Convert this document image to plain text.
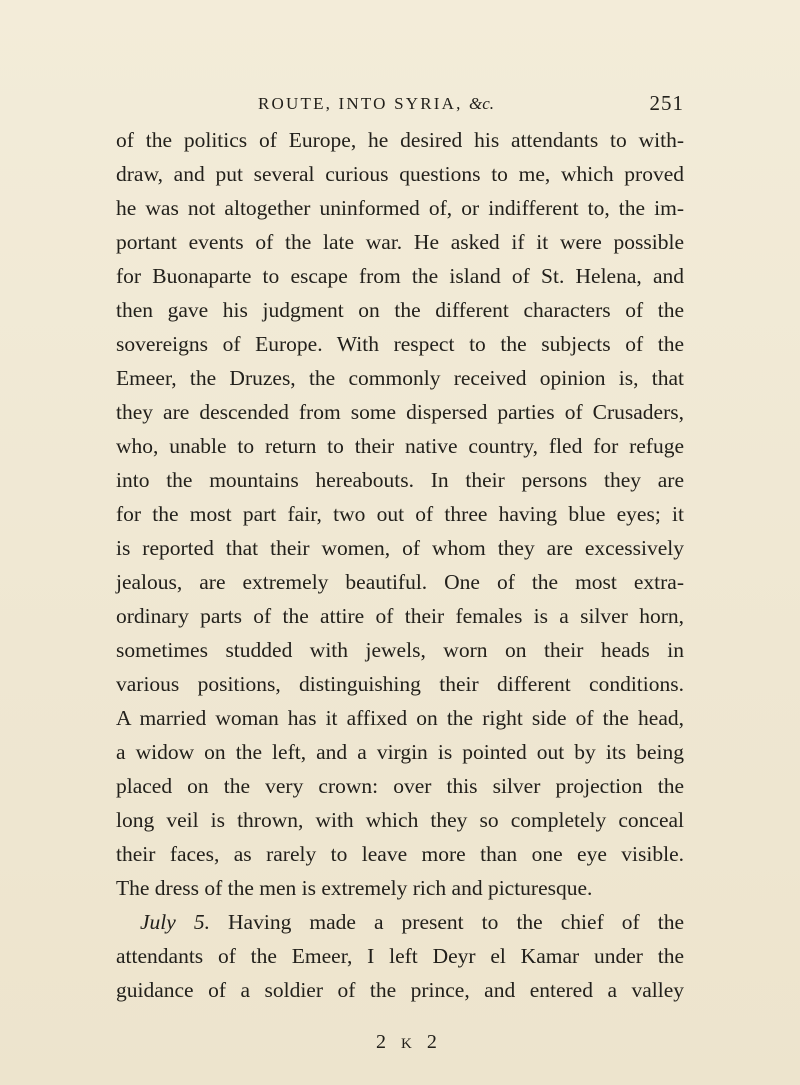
ROUTE, INTO SYRIA, &c.	251
of the politics of Europe, he desired his attendants to with-
draw, and put several curious questions to me, which proved
he was not altogether uninformed of, or indifferent to, the im-
portant events of the late war. He asked if it were possible
for Buonaparte to escape from the island of St. Helena, and
then gave his judgment on the different characters of the
sovereigns of Europe. With respect to the subjects of the
Emeer, the Druzes, the commonly received opinion is, that
they are descended from some dispersed parties of Crusaders,
who, unable to return to their native country, fled for refuge
into the mountains hereabouts. In their persons they are
for the most part fair, two out of three having blue eyes; it
is reported that their women, of whom they are excessively
jealous, are extremely beautiful. One of the most extra-
ordinary parts of the attire of their females is a silver horn,
sometimes studded with jewels, worn on their heads in
various positions, distinguishing their different conditions.
A married woman has it affixed on the right side of the head,
a widow on the left, and a virgin is pointed out by its being
placed on the very crown: over this silver projection the
long veil is thrown, with which they so completely conceal
their faces, as rarely to leave more than one eye visible.
The dress of the men is extremely rich and picturesque.
July 5. Having made a present to the chief of the
attendants of the Emeer, I left Deyr el Kamar under the
guidance of a soldier of the prince, and entered a valley
2 K 2
